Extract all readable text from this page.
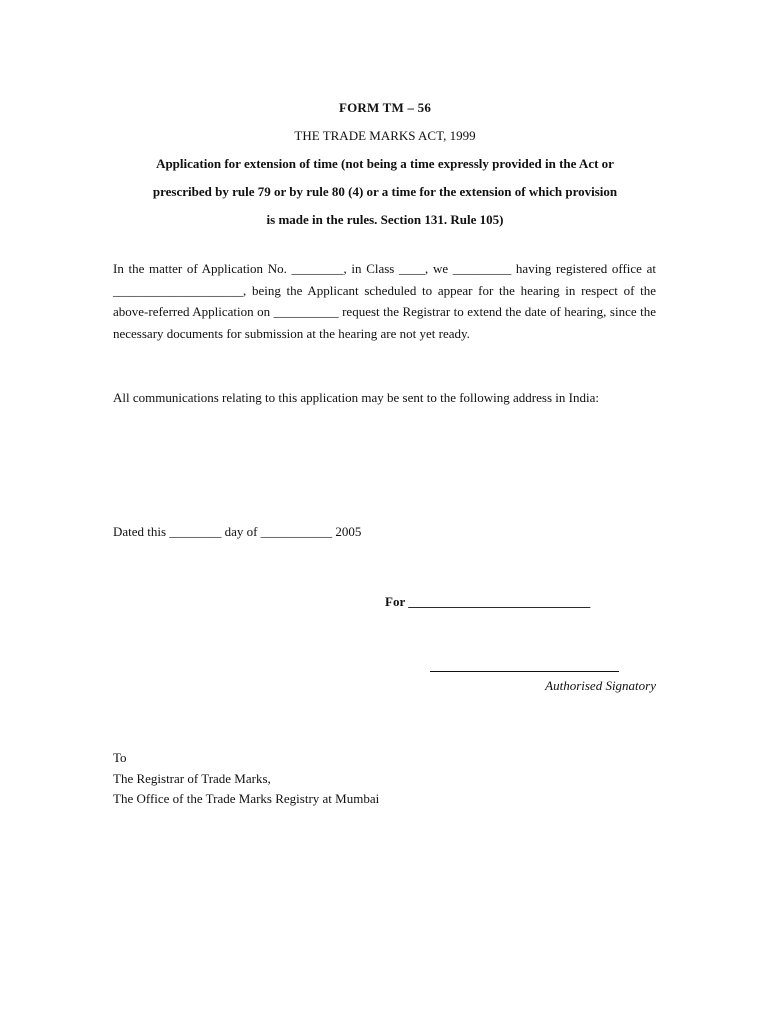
FORM TM – 56
THE TRADE MARKS ACT, 1999
Application for extension of time (not being a time expressly provided in the Act or
prescribed by rule 79 or by rule 80 (4) or a time for the extension of which provision
is made in the rules. Section 131. Rule 105)
In the matter of Application No. ________, in Class ____, we _________ having registered office at ____________________, being the Applicant scheduled to appear for the hearing in respect of the above-referred Application on __________ request the Registrar to extend the date of hearing, since the necessary documents for submission at the hearing are not yet ready.
All communications relating to this application may be sent to the following address in India:
Dated this ________ day of ___________ 2005
For ____________________________
Authorised Signatory
To
The Registrar of Trade Marks,
The Office of the Trade Marks Registry at Mumbai
